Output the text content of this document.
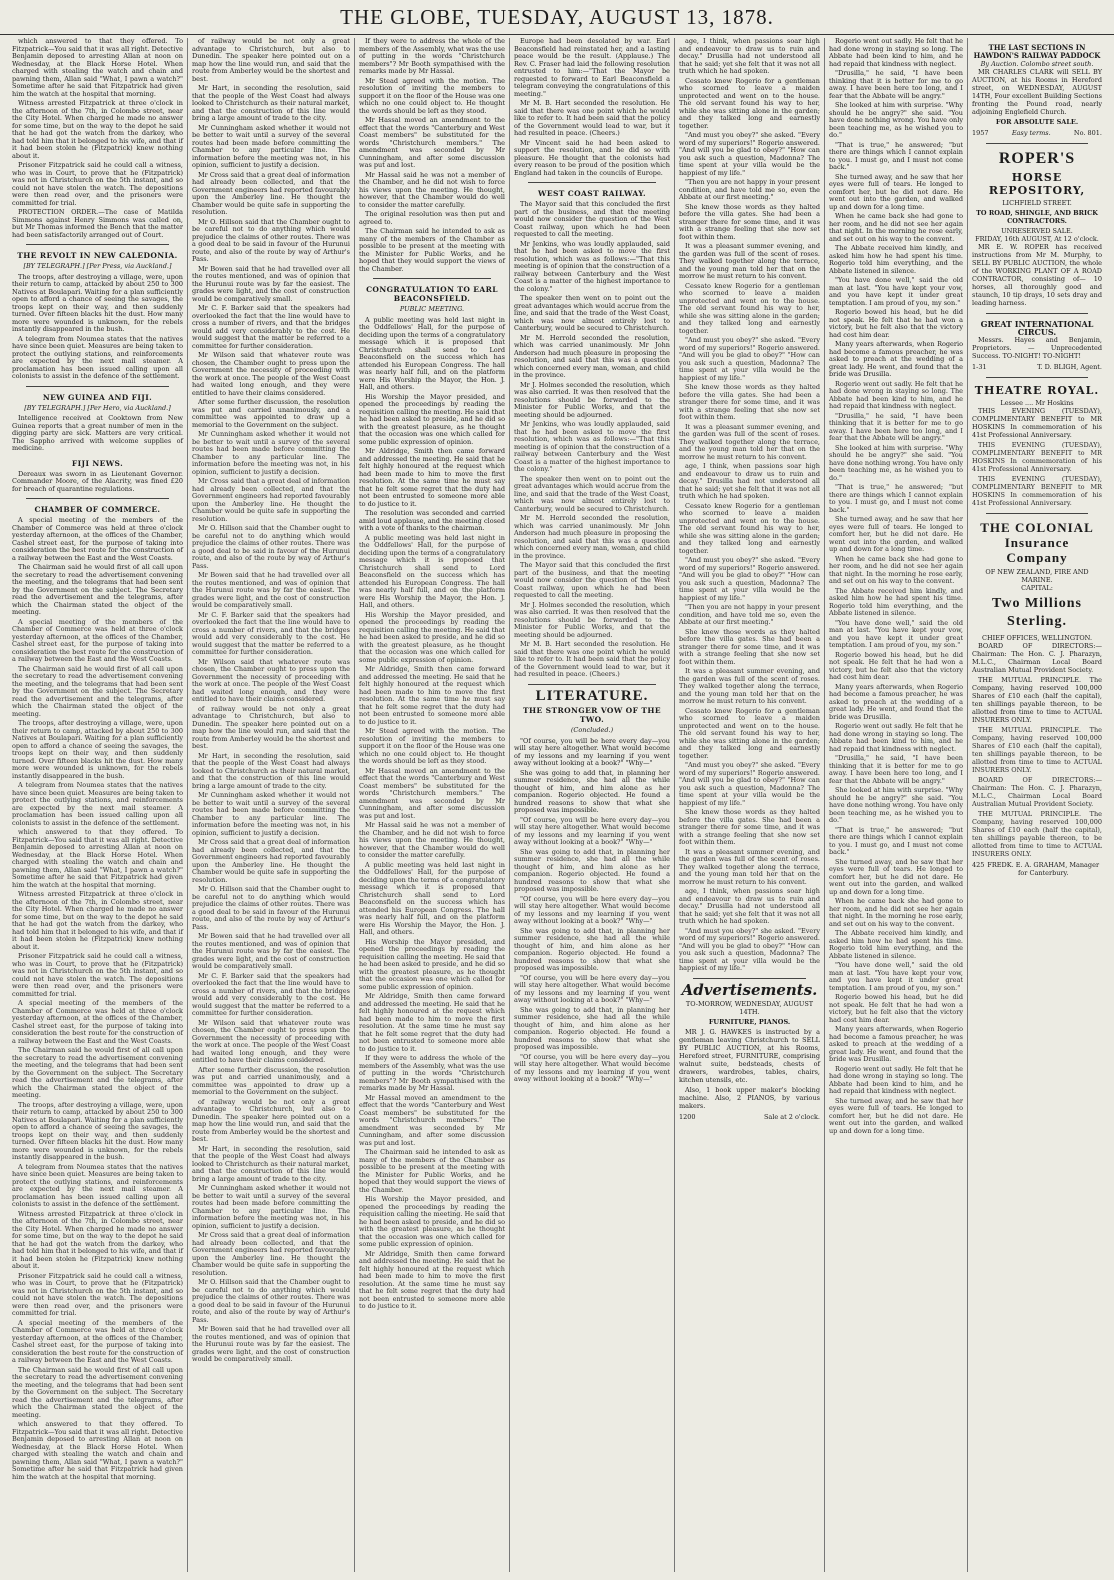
THE GLOBE, TUESDAY, AUGUST 13, 1878.

which answered to that they offered. To Fitzpatrick—You said that it was all right. Detective Benjamin deposed to arresting Allan at noon on Wednesday, at the Black Horse Hotel. When charged with stealing the watch and chain and pawning them, Allan said "What, I pawn a watch?" Sometime after he said that Fitzpatrick had given him the watch at the hospital that morning.

Witness arrested Fitzpatrick at three o'clock in the afternoon of the 7th, in Colombo street, near the City Hotel. When charged he made no answer for some time, but on the way to the depot he said that he had got the watch from the darkey, who had told him that it belonged to his wife, and that if it had been stolen he (Fitzpatrick) knew nothing about it.

Prisoner Fitzpatrick said he could call a witness, who was in Court, to prove that he (Fitzpatrick) was not in Christchurch on the 5th instant, and so could not have stolen the watch. The depositions were then read over, and the prisoners were committed for trial.

PROTECTION ORDER.—The case of Matilda Simmons against Henry Simmons was called on, but Mr Thomas informed the Bench that the matter had been satisfactorily arranged out of Court.

THE REVOLT IN NEW CALEDONIA.
[BY TELEGRAPH.] [Per Press, via Auckland.]

The troops, after destroying a village, were, upon their return to camp, attacked by about 250 to 300 Natives at Boulapari. Waiting for a plan sufficiently open to afford a chance of seeing the savages, the troops kept on their way, and then suddenly turned. Over fifteen blacks hit the dust. How many more were wounded is unknown, for the rebels instantly disappeared in the bush.

A telegram from Noumea states that the natives have since been quiet. Measures are being taken to protect the outlying stations, and reinforcements are expected by the next mail steamer. A proclamation has been issued calling upon all colonists to assist in the defence of the settlement.

NEW GUINEA AND FIJI.
[BY TELEGRAPH.] [Per Hero, via Auckland.]

Intelligence received at Cooktown from New Guinea reports that a great number of men in the digging party are sick. Matters are very critical. The Sappho arrived with welcome supplies of medicine.

FIJI NEWS.

Dereaux was sworn in as Lieutenant Governor. Commander Moore, of the Alacrity, was fined £20 for breach of quarantine regulations.

CHAMBER OF COMMERCE.

A special meeting of the members of the Chamber of Commerce was held at three o'clock yesterday afternoon, at the offices of the Chamber, Cashel street east, for the purpose of taking into consideration the best route for the construction of a railway between the East and the West Coasts.

The Chairman said he would first of all call upon the secretary to read the advertisement convening the meeting, and the telegrams that had been sent by the Government on the subject. The Secretary read the advertisement and the telegrams, after which the Chairman stated the object of the meeting.

A special meeting of the members of the Chamber of Commerce was held at three o'clock yesterday afternoon, at the offices of the Chamber, Cashel street east, for the purpose of taking into consideration the best route for the construction of a railway between the East and the West Coasts.

The Chairman said he would first of all call upon the secretary to read the advertisement convening the meeting, and the telegrams that had been sent by the Government on the subject. The Secretary read the advertisement and the telegrams, after which the Chairman stated the object of the meeting.

The troops, after destroying a village, were, upon their return to camp, attacked by about 250 to 300 Natives at Boulapari. Waiting for a plan sufficiently open to afford a chance of seeing the savages, the troops kept on their way, and then suddenly turned. Over fifteen blacks hit the dust. How many more were wounded is unknown, for the rebels instantly disappeared in the bush.

A telegram from Noumea states that the natives have since been quiet. Measures are being taken to protect the outlying stations, and reinforcements are expected by the next mail steamer. A proclamation has been issued calling upon all colonists to assist in the defence of the settlement.

which answered to that they offered. To Fitzpatrick—You said that it was all right. Detective Benjamin deposed to arresting Allan at noon on Wednesday, at the Black Horse Hotel. When charged with stealing the watch and chain and pawning them, Allan said "What, I pawn a watch?" Sometime after he said that Fitzpatrick had given him the watch at the hospital that morning.

Witness arrested Fitzpatrick at three o'clock in the afternoon of the 7th, in Colombo street, near the City Hotel. When charged he made no answer for some time, but on the way to the depot he said that he had got the watch from the darkey, who had told him that it belonged to his wife, and that if it had been stolen he (Fitzpatrick) knew nothing about it.

Prisoner Fitzpatrick said he could call a witness, who was in Court, to prove that he (Fitzpatrick) was not in Christchurch on the 5th instant, and so could not have stolen the watch. The depositions were then read over, and the prisoners were committed for trial.

A special meeting of the members of the Chamber of Commerce was held at three o'clock yesterday afternoon, at the offices of the Chamber, Cashel street east, for the purpose of taking into consideration the best route for the construction of a railway between the East and the West Coasts.

The Chairman said he would first of all call upon the secretary to read the advertisement convening the meeting, and the telegrams that had been sent by the Government on the subject. The Secretary read the advertisement and the telegrams, after which the Chairman stated the object of the meeting.

The troops, after destroying a village, were, upon their return to camp, attacked by about 250 to 300 Natives at Boulapari. Waiting for a plan sufficiently open to afford a chance of seeing the savages, the troops kept on their way, and then suddenly turned. Over fifteen blacks hit the dust. How many more were wounded is unknown, for the rebels instantly disappeared in the bush.

A telegram from Noumea states that the natives have since been quiet. Measures are being taken to protect the outlying stations, and reinforcements are expected by the next mail steamer. A proclamation has been issued calling upon all colonists to assist in the defence of the settlement.

Witness arrested Fitzpatrick at three o'clock in the afternoon of the 7th, in Colombo street, near the City Hotel. When charged he made no answer for some time, but on the way to the depot he said that he had got the watch from the darkey, who had told him that it belonged to his wife, and that if it had been stolen he (Fitzpatrick) knew nothing about it.

Prisoner Fitzpatrick said he could call a witness, who was in Court, to prove that he (Fitzpatrick) was not in Christchurch on the 5th instant, and so could not have stolen the watch. The depositions were then read over, and the prisoners were committed for trial.

A special meeting of the members of the Chamber of Commerce was held at three o'clock yesterday afternoon, at the offices of the Chamber, Cashel street east, for the purpose of taking into consideration the best route for the construction of a railway between the East and the West Coasts.

The Chairman said he would first of all call upon the secretary to read the advertisement convening the meeting, and the telegrams that had been sent by the Government on the subject. The Secretary read the advertisement and the telegrams, after which the Chairman stated the object of the meeting.

which answered to that they offered. To Fitzpatrick—You said that it was all right. Detective Benjamin deposed to arresting Allan at noon on Wednesday, at the Black Horse Hotel. When charged with stealing the watch and chain and pawning them, Allan said "What, I pawn a watch?" Sometime after he said that Fitzpatrick had given him the watch at the hospital that morning.

of railway would be not only a great advantage to Christchurch, but also to Dunedin. The speaker here pointed out on a map how the line would run, and said that the route from Amberley would be the shortest and best.

Mr Hart, in seconding the resolution, said that the people of the West Coast had always looked to Christchurch as their natural market, and that the construction of this line would bring a large amount of trade to the city.

Mr Cunningham asked whether it would not be better to wait until a survey of the several routes had been made before committing the Chamber to any particular line. The information before the meeting was not, in his opinion, sufficient to justify a decision.

Mr Cross said that a great deal of information had already been collected, and that the Government engineers had reported favourably upon the Amberley line. He thought the Chamber would be quite safe in supporting the resolution.

Mr O. Hillson said that the Chamber ought to be careful not to do anything which would prejudice the claims of other routes. There was a good deal to be said in favour of the Hurunui route, and also of the route by way of Arthur's Pass.

Mr Bowen said that he had travelled over all the routes mentioned, and was of opinion that the Hurunui route was by far the easiest. The grades were light, and the cost of construction would be comparatively small.

Mr C. F. Barker said that the speakers had overlooked the fact that the line would have to cross a number of rivers, and that the bridges would add very considerably to the cost. He would suggest that the matter be referred to a committee for further consideration.

Mr Wilson said that whatever route was chosen, the Chamber ought to press upon the Government the necessity of proceeding with the work at once. The people of the West Coast had waited long enough, and they were entitled to have their claims considered.

After some further discussion, the resolution was put and carried unanimously, and a committee was appointed to draw up a memorial to the Government on the subject.

Mr Cunningham asked whether it would not be better to wait until a survey of the several routes had been made before committing the Chamber to any particular line. The information before the meeting was not, in his opinion, sufficient to justify a decision.

Mr Cross said that a great deal of information had already been collected, and that the Government engineers had reported favourably upon the Amberley line. He thought the Chamber would be quite safe in supporting the resolution.

Mr O. Hillson said that the Chamber ought to be careful not to do anything which would prejudice the claims of other routes. There was a good deal to be said in favour of the Hurunui route, and also of the route by way of Arthur's Pass.

Mr Bowen said that he had travelled over all the routes mentioned, and was of opinion that the Hurunui route was by far the easiest. The grades were light, and the cost of construction would be comparatively small.

Mr C. F. Barker said that the speakers had overlooked the fact that the line would have to cross a number of rivers, and that the bridges would add very considerably to the cost. He would suggest that the matter be referred to a committee for further consideration.

Mr Wilson said that whatever route was chosen, the Chamber ought to press upon the Government the necessity of proceeding with the work at once. The people of the West Coast had waited long enough, and they were entitled to have their claims considered.

of railway would be not only a great advantage to Christchurch, but also to Dunedin. The speaker here pointed out on a map how the line would run, and said that the route from Amberley would be the shortest and best.

Mr Hart, in seconding the resolution, said that the people of the West Coast had always looked to Christchurch as their natural market, and that the construction of this line would bring a large amount of trade to the city.

Mr Cunningham asked whether it would not be better to wait until a survey of the several routes had been made before committing the Chamber to any particular line. The information before the meeting was not, in his opinion, sufficient to justify a decision.

Mr Cross said that a great deal of information had already been collected, and that the Government engineers had reported favourably upon the Amberley line. He thought the Chamber would be quite safe in supporting the resolution.

Mr O. Hillson said that the Chamber ought to be careful not to do anything which would prejudice the claims of other routes. There was a good deal to be said in favour of the Hurunui route, and also of the route by way of Arthur's Pass.

Mr Bowen said that he had travelled over all the routes mentioned, and was of opinion that the Hurunui route was by far the easiest. The grades were light, and the cost of construction would be comparatively small.

Mr C. F. Barker said that the speakers had overlooked the fact that the line would have to cross a number of rivers, and that the bridges would add very considerably to the cost. He would suggest that the matter be referred to a committee for further consideration.

Mr Wilson said that whatever route was chosen, the Chamber ought to press upon the Government the necessity of proceeding with the work at once. The people of the West Coast had waited long enough, and they were entitled to have their claims considered.

After some further discussion, the resolution was put and carried unanimously, and a committee was appointed to draw up a memorial to the Government on the subject.

of railway would be not only a great advantage to Christchurch, but also to Dunedin. The speaker here pointed out on a map how the line would run, and said that the route from Amberley would be the shortest and best.

Mr Hart, in seconding the resolution, said that the people of the West Coast had always looked to Christchurch as their natural market, and that the construction of this line would bring a large amount of trade to the city.

Mr Cunningham asked whether it would not be better to wait until a survey of the several routes had been made before committing the Chamber to any particular line. The information before the meeting was not, in his opinion, sufficient to justify a decision.

Mr Cross said that a great deal of information had already been collected, and that the Government engineers had reported favourably upon the Amberley line. He thought the Chamber would be quite safe in supporting the resolution.

Mr O. Hillson said that the Chamber ought to be careful not to do anything which would prejudice the claims of other routes. There was a good deal to be said in favour of the Hurunui route, and also of the route by way of Arthur's Pass.

Mr Bowen said that he had travelled over all the routes mentioned, and was of opinion that the Hurunui route was by far the easiest. The grades were light, and the cost of construction would be comparatively small.

If they were to address the whole of the members of the Assembly, what was the use of putting in the words "Christchurch members"? Mr Booth sympathised with the remarks made by Mr Hassal.

Mr Stead agreed with the motion. The resolution of inviting the members to support it on the floor of the House was one which no one could object to. He thought the words should be left as they stood.

Mr Hassal moved an amendment to the effect that the words "Canterbury and West Coast members" be substituted for the words "Christchurch members." The amendment was seconded by Mr Cunningham, and after some discussion was put and lost.

Mr Hassal said he was not a member of the Chamber, and he did not wish to force his views upon the meeting. He thought, however, that the Chamber would do well to consider the matter carefully.

The original resolution was then put and agreed to.

The Chairman said he intended to ask as many of the members of the Chamber as possible to be present at the meeting with the Minister for Public Works, and he hoped that they would support the views of the Chamber.

CONGRATULATION TO EARL BEACONSFIELD.
PUBLIC MEETING.

A public meeting was held last night in the Oddfellows' Hall, for the purpose of deciding upon the terms of a congratulatory message which it is proposed that Christchurch shall send to Lord Beaconsfield on the success which has attended his European Congress. The hall was nearly half full, and on the platform were His Worship the Mayor, the Hon. J. Hall, and others.

His Worship the Mayor presided, and opened the proceedings by reading the requisition calling the meeting. He said that he had been asked to preside, and he did so with the greatest pleasure, as he thought that the occasion was one which called for some public expression of opinion.

Mr Aldridge, Smith then came forward and addressed the meeting. He said that he felt highly honoured at the request which had been made to him to move the first resolution. At the same time he must say that he felt some regret that the duty had not been entrusted to someone more able to do justice to it.

The resolution was seconded and carried amid loud applause, and the meeting closed with a vote of thanks to the chairman.

A public meeting was held last night in the Oddfellows' Hall, for the purpose of deciding upon the terms of a congratulatory message which it is proposed that Christchurch shall send to Lord Beaconsfield on the success which has attended his European Congress. The hall was nearly half full, and on the platform were His Worship the Mayor, the Hon. J. Hall, and others.

His Worship the Mayor presided, and opened the proceedings by reading the requisition calling the meeting. He said that he had been asked to preside, and he did so with the greatest pleasure, as he thought that the occasion was one which called for some public expression of opinion.

Mr Aldridge, Smith then came forward and addressed the meeting. He said that he felt highly honoured at the request which had been made to him to move the first resolution. At the same time he must say that he felt some regret that the duty had not been entrusted to someone more able to do justice to it.

Mr Stead agreed with the motion. The resolution of inviting the members to support it on the floor of the House was one which no one could object to. He thought the words should be left as they stood.

Mr Hassal moved an amendment to the effect that the words "Canterbury and West Coast members" be substituted for the words "Christchurch members." The amendment was seconded by Mr Cunningham, and after some discussion was put and lost.

Mr Hassal said he was not a member of the Chamber, and he did not wish to force his views upon the meeting. He thought, however, that the Chamber would do well to consider the matter carefully.

A public meeting was held last night in the Oddfellows' Hall, for the purpose of deciding upon the terms of a congratulatory message which it is proposed that Christchurch shall send to Lord Beaconsfield on the success which has attended his European Congress. The hall was nearly half full, and on the platform were His Worship the Mayor, the Hon. J. Hall, and others.

His Worship the Mayor presided, and opened the proceedings by reading the requisition calling the meeting. He said that he had been asked to preside, and he did so with the greatest pleasure, as he thought that the occasion was one which called for some public expression of opinion.

Mr Aldridge, Smith then came forward and addressed the meeting. He said that he felt highly honoured at the request which had been made to him to move the first resolution. At the same time he must say that he felt some regret that the duty had not been entrusted to someone more able to do justice to it.

If they were to address the whole of the members of the Assembly, what was the use of putting in the words "Christchurch members"? Mr Booth sympathised with the remarks made by Mr Hassal.

Mr Hassal moved an amendment to the effect that the words "Canterbury and West Coast members" be substituted for the words "Christchurch members." The amendment was seconded by Mr Cunningham, and after some discussion was put and lost.

The Chairman said he intended to ask as many of the members of the Chamber as possible to be present at the meeting with the Minister for Public Works, and he hoped that they would support the views of the Chamber.

His Worship the Mayor presided, and opened the proceedings by reading the requisition calling the meeting. He said that he had been asked to preside, and he did so with the greatest pleasure, as he thought that the occasion was one which called for some public expression of opinion.

Mr Aldridge, Smith then came forward and addressed the meeting. He said that he felt highly honoured at the request which had been made to him to move the first resolution. At the same time he must say that he felt some regret that the duty had not been entrusted to someone more able to do justice to it.

Europe had been desolated by war. Earl Beaconsfield had reinstated her, and a lasting peace would be the result. (Applause.) The Rev. C. Fraser had laid the following resolution entrusted to him:—"That the Mayor be requested to forward to Earl Beaconsfield a telegram conveying the congratulations of this meeting."

Mr M. B. Hart seconded the resolution. He said that there was one point which he would like to refer to. It had been said that the policy of the Government would lead to war, but it had resulted in peace. (Cheers.)

Mr Vincent said he had been asked to support the resolution, and he did so with pleasure. He thought that the colonists had every reason to be proud of the position which England had taken in the councils of Europe.

WEST COAST RAILWAY.

The Mayor said that this concluded the first part of the business, and that the meeting would now consider the question of the West Coast railway, upon which he had been requested to call the meeting.

Mr Jenkins, who was loudly applauded, said that he had been asked to move the first resolution, which was as follows:—"That this meeting is of opinion that the construction of a railway between Canterbury and the West Coast is a matter of the highest importance to the colony."

The speaker then went on to point out the great advantages which would accrue from the line, and said that the trade of the West Coast, which was now almost entirely lost to Canterbury, would be secured to Christchurch.

Mr M. Herrold seconded the resolution, which was carried unanimously. Mr John Anderson had much pleasure in proposing the resolution, and said that this was a question which concerned every man, woman, and child in the province.

Mr J. Holmes seconded the resolution, which was also carried. It was then resolved that the resolutions should be forwarded to the Minister for Public Works, and that the meeting should be adjourned.

Mr Jenkins, who was loudly applauded, said that he had been asked to move the first resolution, which was as follows:—"That this meeting is of opinion that the construction of a railway between Canterbury and the West Coast is a matter of the highest importance to the colony."

The speaker then went on to point out the great advantages which would accrue from the line, and said that the trade of the West Coast, which was now almost entirely lost to Canterbury, would be secured to Christchurch.

Mr M. Herrold seconded the resolution, which was carried unanimously. Mr John Anderson had much pleasure in proposing the resolution, and said that this was a question which concerned every man, woman, and child in the province.

The Mayor said that this concluded the first part of the business, and that the meeting would now consider the question of the West Coast railway, upon which he had been requested to call the meeting.

Mr J. Holmes seconded the resolution, which was also carried. It was then resolved that the resolutions should be forwarded to the Minister for Public Works, and that the meeting should be adjourned.

Mr M. B. Hart seconded the resolution. He said that there was one point which he would like to refer to. It had been said that the policy of the Government would lead to war, but it had resulted in peace. (Cheers.)

LITERATURE.
THE STRONGER VOW OF THE TWO.
(Concluded.)

"Of course, you will be here every day—you will stay here altogether. What would become of my lessons and my learning if you went away without looking at a book?" "Why—"

She was going to add that, in planning her summer residence, she had all the while thought of him, and him alone as her companion. Rogerio objected. He found a hundred reasons to show that what she proposed was impossible.

"Of course, you will be here every day—you will stay here altogether. What would become of my lessons and my learning if you went away without looking at a book?" "Why—"

She was going to add that, in planning her summer residence, she had all the while thought of him, and him alone as her companion. Rogerio objected. He found a hundred reasons to show that what she proposed was impossible.

"Of course, you will be here every day—you will stay here altogether. What would become of my lessons and my learning if you went away without looking at a book?" "Why—"

She was going to add that, in planning her summer residence, she had all the while thought of him, and him alone as her companion. Rogerio objected. He found a hundred reasons to show that what she proposed was impossible.

"Of course, you will be here every day—you will stay here altogether. What would become of my lessons and my learning if you went away without looking at a book?" "Why—"

She was going to add that, in planning her summer residence, she had all the while thought of him, and him alone as her companion. Rogerio objected. He found a hundred reasons to show that what she proposed was impossible.

"Of course, you will be here every day—you will stay here altogether. What would become of my lessons and my learning if you went away without looking at a book?" "Why—"

age, I think, when passions soar high and endeavour to draw us to ruin and decay." Drusilla had not understood all that he said; yet she felt that it was not all truth which he had spoken.

Cessato knew Rogerio for a gentleman who scorned to leave a maiden unprotected and went on to the house. The old servant found his way to her, while she was sitting alone in the garden; and they talked long and earnestly together.

"And must you obey?" she asked. "Every word of my superiors!" Rogerio answered. "And will you be glad to obey?" "How can you ask such a question, Madonna? The time spent at your villa would be the happiest of my life."

"Then you are not happy in your present condition, and have told me so, even the Abbate at our first meeting."

She knew those words as they halted before the villa gates. She had been a stranger there for some time, and it was with a strange feeling that she now set foot within them.

It was a pleasant summer evening, and the garden was full of the scent of roses. They walked together along the terrace, and the young man told her that on the morrow he must return to his convent.

Cessato knew Rogerio for a gentleman who scorned to leave a maiden unprotected and went on to the house. The old servant found his way to her, while she was sitting alone in the garden; and they talked long and earnestly together.

"And must you obey?" she asked. "Every word of my superiors!" Rogerio answered. "And will you be glad to obey?" "How can you ask such a question, Madonna? The time spent at your villa would be the happiest of my life."

She knew those words as they halted before the villa gates. She had been a stranger there for some time, and it was with a strange feeling that she now set foot within them.

It was a pleasant summer evening, and the garden was full of the scent of roses. They walked together along the terrace, and the young man told her that on the morrow he must return to his convent.

age, I think, when passions soar high and endeavour to draw us to ruin and decay." Drusilla had not understood all that he said; yet she felt that it was not all truth which he had spoken.

Cessato knew Rogerio for a gentleman who scorned to leave a maiden unprotected and went on to the house. The old servant found his way to her, while she was sitting alone in the garden; and they talked long and earnestly together.

"And must you obey?" she asked. "Every word of my superiors!" Rogerio answered. "And will you be glad to obey?" "How can you ask such a question, Madonna? The time spent at your villa would be the happiest of my life."

"Then you are not happy in your present condition, and have told me so, even the Abbate at our first meeting."

She knew those words as they halted before the villa gates. She had been a stranger there for some time, and it was with a strange feeling that she now set foot within them.

It was a pleasant summer evening, and the garden was full of the scent of roses. They walked together along the terrace, and the young man told her that on the morrow he must return to his convent.

Cessato knew Rogerio for a gentleman who scorned to leave a maiden unprotected and went on to the house. The old servant found his way to her, while she was sitting alone in the garden; and they talked long and earnestly together.

"And must you obey?" she asked. "Every word of my superiors!" Rogerio answered. "And will you be glad to obey?" "How can you ask such a question, Madonna? The time spent at your villa would be the happiest of my life."

She knew those words as they halted before the villa gates. She had been a stranger there for some time, and it was with a strange feeling that she now set foot within them.

It was a pleasant summer evening, and the garden was full of the scent of roses. They walked together along the terrace, and the young man told her that on the morrow he must return to his convent.

age, I think, when passions soar high and endeavour to draw us to ruin and decay." Drusilla had not understood all that he said; yet she felt that it was not all truth which he had spoken.

"And must you obey?" she asked. "Every word of my superiors!" Rogerio answered. "And will you be glad to obey?" "How can you ask such a question, Madonna? The time spent at your villa would be the happiest of my life."

Advertisements.
TO-MORROW, WEDNESDAY, AUGUST 14TH.
FURNITURE, PIANOS.

MR J. G. HAWKES is instructed by a gentleman leaving Christchurch to SELL BY PUBLIC AUCTION, at his Rooms, Hereford street, FURNITURE, comprising walnut suite, bedsteads, chests of drawers, wardrobes, tables, chairs, kitchen utensils, etc.

Also, 1 book upper maker's blocking machine. Also, 2 PIANOS, by various makers.

1200	Sale at 2 o'clock.

Rogerio went out sadly. He felt that he had done wrong in staying so long. The Abbate had been kind to him, and he had repaid that kindness with neglect.

"Drusilla," he said, "I have been thinking that it is better for me to go away. I have been here too long, and I fear that the Abbate will be angry."

She looked at him with surprise. "Why should he be angry?" she said. "You have done nothing wrong. You have only been teaching me, as he wished you to do."

"That is true," he answered; "but there are things which I cannot explain to you. I must go, and I must not come back."

She turned away, and he saw that her eyes were full of tears. He longed to comfort her, but he did not dare. He went out into the garden, and walked up and down for a long time.

When he came back she had gone to her room, and he did not see her again that night. In the morning he rose early, and set out on his way to the convent.

The Abbate received him kindly, and asked him how he had spent his time. Rogerio told him everything, and the Abbate listened in silence.

"You have done well," said the old man at last. "You have kept your vow, and you have kept it under great temptation. I am proud of you, my son."

Rogerio bowed his head, but he did not speak. He felt that he had won a victory, but he felt also that the victory had cost him dear.

Many years afterwards, when Rogerio had become a famous preacher, he was asked to preach at the wedding of a great lady. He went, and found that the bride was Drusilla.

Rogerio went out sadly. He felt that he had done wrong in staying so long. The Abbate had been kind to him, and he had repaid that kindness with neglect.

"Drusilla," he said, "I have been thinking that it is better for me to go away. I have been here too long, and I fear that the Abbate will be angry."

She looked at him with surprise. "Why should he be angry?" she said. "You have done nothing wrong. You have only been teaching me, as he wished you to do."

"That is true," he answered; "but there are things which I cannot explain to you. I must go, and I must not come back."

She turned away, and he saw that her eyes were full of tears. He longed to comfort her, but he did not dare. He went out into the garden, and walked up and down for a long time.

When he came back she had gone to her room, and he did not see her again that night. In the morning he rose early, and set out on his way to the convent.

The Abbate received him kindly, and asked him how he had spent his time. Rogerio told him everything, and the Abbate listened in silence.

"You have done well," said the old man at last. "You have kept your vow, and you have kept it under great temptation. I am proud of you, my son."

Rogerio bowed his head, but he did not speak. He felt that he had won a victory, but he felt also that the victory had cost him dear.

Many years afterwards, when Rogerio had become a famous preacher, he was asked to preach at the wedding of a great lady. He went, and found that the bride was Drusilla.

Rogerio went out sadly. He felt that he had done wrong in staying so long. The Abbate had been kind to him, and he had repaid that kindness with neglect.

"Drusilla," he said, "I have been thinking that it is better for me to go away. I have been here too long, and I fear that the Abbate will be angry."

She looked at him with surprise. "Why should he be angry?" she said. "You have done nothing wrong. You have only been teaching me, as he wished you to do."

"That is true," he answered; "but there are things which I cannot explain to you. I must go, and I must not come back."

She turned away, and he saw that her eyes were full of tears. He longed to comfort her, but he did not dare. He went out into the garden, and walked up and down for a long time.

When he came back she had gone to her room, and he did not see her again that night. In the morning he rose early, and set out on his way to the convent.

The Abbate received him kindly, and asked him how he had spent his time. Rogerio told him everything, and the Abbate listened in silence.

"You have done well," said the old man at last. "You have kept your vow, and you have kept it under great temptation. I am proud of you, my son."

Rogerio bowed his head, but he did not speak. He felt that he had won a victory, but he felt also that the victory had cost him dear.

Many years afterwards, when Rogerio had become a famous preacher, he was asked to preach at the wedding of a great lady. He went, and found that the bride was Drusilla.

Rogerio went out sadly. He felt that he had done wrong in staying so long. The Abbate had been kind to him, and he had repaid that kindness with neglect.

She turned away, and he saw that her eyes were full of tears. He longed to comfort her, but he did not dare. He went out into the garden, and walked up and down for a long time.

THE LAST SECTIONS IN HAWDON'S RAILWAY PADDOCK
By Auction. Colombo street south.

MR CHARLES CLARK will SELL BY AUCTION, at his Rooms in Hereford street, on WEDNESDAY, AUGUST 14TH, Four excellent Building Sections fronting the Pound road, nearly adjoining Englefield Church.

FOR ABSOLUTE SALE.
1957	Easy terms.	No. 801.
ROPER'S
HORSE REPOSITORY,
LICHFIELD STREET.
TO ROAD, SHINGLE, AND BRICK CONTRACTORS.
UNRESERVED SALE.
FRIDAY, 16th AUGUST, At 12 o'clock.

MR E. W. ROPER has received instructions from Mr M. Murphy, to SELL BY PUBLIC AUCTION, the whole of the WORKING PLANT OF A ROAD CONTRACTOR, consisting of— 10 horses, all thoroughly good and staunch, 10 tip drays, 10 sets dray and leading harness.

GREAT INTERNATIONAL CIRCUS.

Messrs. Hayes and Benjamin, Proprietors. — Unprecedented Success. TO-NIGHT! TO-NIGHT!

1-31	T. D. BLIGH, Agent.
THEATRE ROYAL.
Lessee .... Mr Hoskins

THIS EVENING (TUESDAY), COMPLIMENTARY BENEFIT to MR HOSKINS In commemoration of his 41st Professional Anniversary.

THIS EVENING (TUESDAY), COMPLIMENTARY BENEFIT to MR HOSKINS In commemoration of his 41st Professional Anniversary.

THIS EVENING (TUESDAY), COMPLIMENTARY BENEFIT to MR HOSKINS In commemoration of his 41st Professional Anniversary.

THE COLONIAL Insurance Company
OF NEW ZEALAND, FIRE AND MARINE.
CAPITAL:
Two Millions Sterling.
CHIEF OFFICES, WELLINGTON.

BOARD OF DIRECTORS:— Chairman: The Hon. C. J. Pharazyn, M.L.C., Chairman Local Board Australian Mutual Provident Society.

THE MUTUAL PRINCIPLE. The Company, having reserved 100,000 Shares of £10 each (half the capital), ten shillings payable thereon, to be allotted from time to time to ACTUAL INSURERS ONLY.

THE MUTUAL PRINCIPLE. The Company, having reserved 100,000 Shares of £10 each (half the capital), ten shillings payable thereon, to be allotted from time to time to ACTUAL INSURERS ONLY.

BOARD OF DIRECTORS:— Chairman: The Hon. C. J. Pharazyn, M.L.C., Chairman Local Board Australian Mutual Provident Society.

THE MUTUAL PRINCIPLE. The Company, having reserved 100,000 Shares of £10 each (half the capital), ten shillings payable thereon, to be allotted from time to time to ACTUAL INSURERS ONLY.

425 FREDK. E. A. GRAHAM, Manager for Canterbury.
